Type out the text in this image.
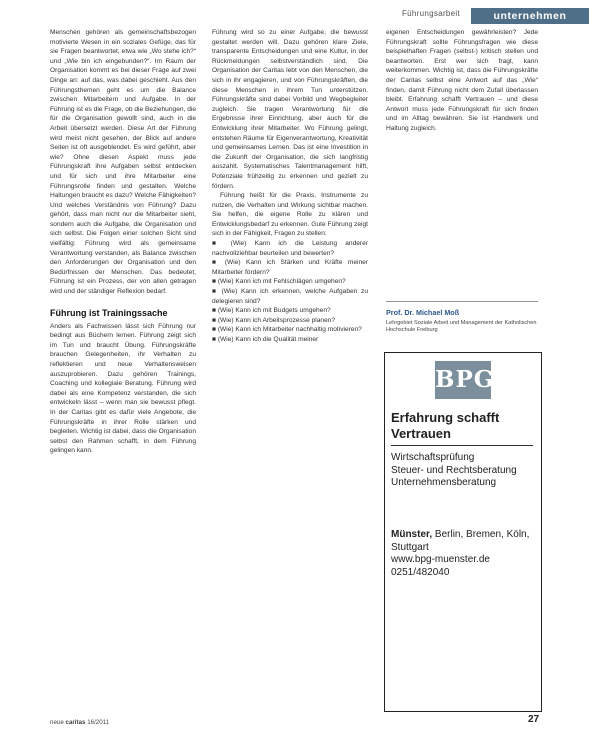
Führungsarbeit	unternehmen

Menschen gehören als gemeinschaftsbezogen motivierte Wesen in ein soziales Gefüge, das für sie Fragen beantwortet, etwa wie „Wo stehe ich?“ und „Wie bin ich eingebunden?“. Im Raum der Organisation kommt es bei dieser Frage auf zwei Dinge an: auf das, was dabei geschieht. Aus den Führungsthemen geht es um die Balance zwischen Mitarbeitern und Aufgabe. In der Führung ist es die Frage, ob die Beziehungen, die für die Organisation gewollt sind, auch in die Arbeit übersetzt werden. Diese Art der Führung wird meist nicht gesehen, der Blick auf andere Seiten ist oft ausgeblendet. Es wird geführt, aber wie? Ohne diesen Aspekt muss jede Führungskraft ihre Aufgaben selbst entdecken und für sich und ihre Mitarbeiter eine Führungsrolle finden und gestalten. Welche Haltungen braucht es dazu? Welche Fähigkeiten? Und welches Verständnis von Führung? Dazu gehört, dass man nicht nur die Mitarbeiter sieht, sondern auch die Aufgabe, die Organisation und sich selbst. Die Folgen einer solchen Sicht sind vielfältig: Führung wird als gemeinsame Verantwortung verstanden, als Balance zwischen den Anforderungen der Organisation und den Bedürfnissen der Menschen. Das bedeutet, Führung ist ein Prozess, der von allen getragen wird und der ständiger Reflexion bedarf.

Führung ist Trainingssache

Anders als Fachwissen lässt sich Führung nur bedingt aus Büchern lernen. Führung zeigt sich im Tun und braucht Übung. Führungskräfte brauchen Gelegenheiten, ihr Verhalten zu reflektieren und neue Verhaltensweisen auszuprobieren. Dazu gehören Trainings, Coaching und kollegiale Beratung. Führung wird dabei als eine Kompetenz verstanden, die sich entwickeln lässt – wenn man sie bewusst pflegt. In der Caritas gibt es dafür viele Angebote, die Führungskräfte in ihrer Rolle stärken und begleiten. Wichtig ist dabei, dass die Organisation selbst den Rahmen schafft, in dem Führung gelingen kann.

Führung wird so zu einer Aufgabe, die bewusst gestaltet werden will. Dazu gehören klare Ziele, transparente Entscheidungen und eine Kultur, in der Rückmeldungen selbstverständlich sind. Die Organisation der Caritas lebt von den Menschen, die sich in ihr engagieren, und von Führungskräften, die diese Menschen in ihrem Tun unterstützen. Führungskräfte sind dabei Vorbild und Wegbegleiter zugleich. Sie tragen Verantwortung für die Ergebnisse ihrer Einrichtung, aber auch für die Entwicklung ihrer Mitarbeiter. Wo Führung gelingt, entstehen Räume für Eigenverantwortung, Kreativität und gemeinsames Lernen. Das ist eine Investition in die Zukunft der Organisation, die sich langfristig auszahlt. Systematisches Talentmanagement hilft, Potenziale frühzeitig zu erkennen und gezielt zu fördern.

Führung heißt für die Praxis, Instrumente zu nutzen, die Verhalten und Wirkung sichtbar machen. Sie helfen, die eigene Rolle zu klären und Entwicklungsbedarf zu erkennen. Gute Führung zeigt sich in der Fähigkeit, Fragen zu stellen:

■ (Wie) Kann ich die Leistung anderer nachvollziehbar beurteilen und bewerten?

■ (Wie) Kann ich Stärken und Kräfte meiner Mitarbeiter fördern?

■ (Wie) Kann ich mit Fehlschlägen umgehen?

■ (Wie) Kann ich erkennen, welche Aufgaben zu delegieren sind?

■ (Wie) Kann ich mit Budgets umgehen?

■ (Wie) Kann ich Arbeitsprozesse planen?

■ (Wie) Kann ich Mitarbeiter nachhaltig motivieren?

■ (Wie) Kann ich die Qualität meiner

eigenen Entscheidungen gewährleisten? Jede Führungskraft sollte Führungsfragen wie diese beispielhaften Fragen (selbst-) kritisch stellen und beantworten. Erst wer sich fragt, kann weiterkommen. Wichtig ist, dass die Führungskräfte der Caritas selbst eine Antwort auf das „Wie“ finden, damit Führung nicht dem Zufall überlassen bleibt. Erfahrung schafft Vertrauen – und diese Antwort muss jede Führungskraft für sich finden und im Alltag bewähren. Sie ist Handwerk und Haltung zugleich.

Prof. Dr. Michael Moß
Lehrgebiet Soziale Arbeit und Management der Katholischen Hochschule Freiburg
BPG
Erfahrung schafft Vertrauen
Wirtschaftsprüfung
Steuer- und Rechtsberatung
Unternehmensberatung
Münster, Berlin, Bremen, Köln, Stuttgart
www.bpg-muenster.de
0251/482040
neue caritas 16/2011	27
